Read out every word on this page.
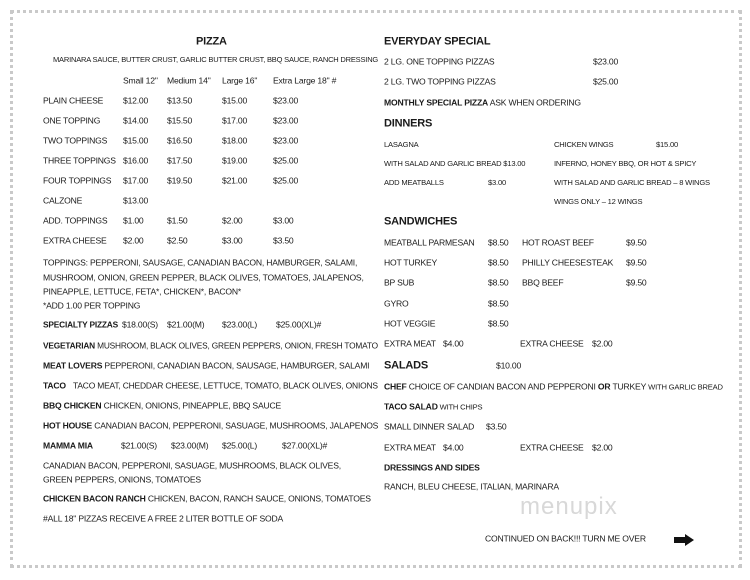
PIZZA
MARINARA SAUCE, BUTTER CRUST, GARLIC BUTTER CRUST, BBQ SAUCE, RANCH DRESSING
Small 12" Medium 14" Large 16" Extra Large 18" #
PLAIN CHEESE $12.00 $13.50	$15.00	$23.00
ONE TOPPING	$14.00 $15.50	$17.00	$23.00
TWO TOPPINGS $15.00 $16.50	$18.00	$23.00
THREE TOPPINGS $16.00 $17.50	$19.00	$25.00
FOUR TOPPINGS $17.00 $19.50	$21.00	$25.00
CALZONE	$13.00
ADD. TOPPINGS $1.00	$1.50	$2.00	$3.00
EXTRA CHEESE $2.00	$2.50	$3.00	$3.50
TOPPINGS: PEPPERONI, SAUSAGE, CANADIAN BACON, HAMBURGER, SALAMI,
MUSHROOM, ONION, GREEN PEPPER, BLACK OLIVES, TOMATOES, JALAPENOS,
PINEAPPLE, LETTUCE, FETA*, CHICKEN*, BACON*
*ADD 1.00 PER TOPPING
SPECIALTY PIZZAS $18.00(S) $21.00(M) $23.00(L) $25.00(XL)#
VEGETARIAN MUSHROOM, BLACK OLIVES, GREEN PEPPERS, ONION, FRESH TOMATO
MEAT LOVERS PEPPERONI, CANADIAN BACON, SAUSAGE, HAMBURGER, SALAMI
TACO TACO MEAT, CHEDDAR CHEESE, LETTUCE, TOMATO, BLACK OLIVES, ONIONS
BBQ CHICKEN CHICKEN, ONIONS, PINEAPPLE, BBQ SAUCE
HOT HOUSE CANADIAN BACON, PEPPERONI, SASUAGE, MUSHROOMS, JALAPENOS
MAMMA MIA	$21.00(S) $23.00(M) $25.00(L)	$27.00(XL)#
CANADIAN BACON, PEPPERONI, SASUAGE, MUSHROOMS, BLACK OLIVES,
GREEN PEPPERS, ONIONS, TOMATOES
CHICKEN BACON RANCH CHICKEN, BACON, RANCH SAUCE, ONIONS, TOMATOES
#ALL 18" PIZZAS RECEIVE A FREE 2 LITER BOTTLE OF SODA
EVERYDAY SPECIAL
2 LG. ONE TOPPING PIZZAS	$23.00
2 LG. TWO TOPPING PIZZAS	$25.00
MONTHLY SPECIAL PIZZA ASK WHEN ORDERING
DINNERS
LASAGNA
WITH SALAD AND GARLIC BREAD $13.00
ADD MEATBALLS	$3.00
CHICKEN WINGS	$15.00
INFERNO, HONEY BBQ, OR HOT & SPICY
WITH SALAD AND GARLIC BREAD – 8 WINGS
WINGS ONLY – 12 WINGS
SANDWICHES
MEATBALL PARMESAN $8.50 HOT ROAST BEEF	$9.50
HOT TURKEY	$8.50 PHILLY CHEESESTEAK $9.50
BP SUB	$8.50 BBQ BEEF	$9.50
GYRO	$8.50
HOT VEGGIE	$8.50
EXTRA MEAT $4.00	EXTRA CHEESE $2.00
SALADS	$10.00
CHEF CHOICE OF CANDIAN BACON AND PEPPERONI OR TURKEY WITH GARLIC BREAD
TACO SALAD WITH CHIPS
SMALL DINNER SALAD $3.50
EXTRA MEAT $4.00	EXTRA CHEESE $2.00
DRESSINGS AND SIDES
RANCH, BLEU CHEESE, ITALIAN, MARINARA
menupix
CONTINUED ON BACK!!! TURN ME OVER
